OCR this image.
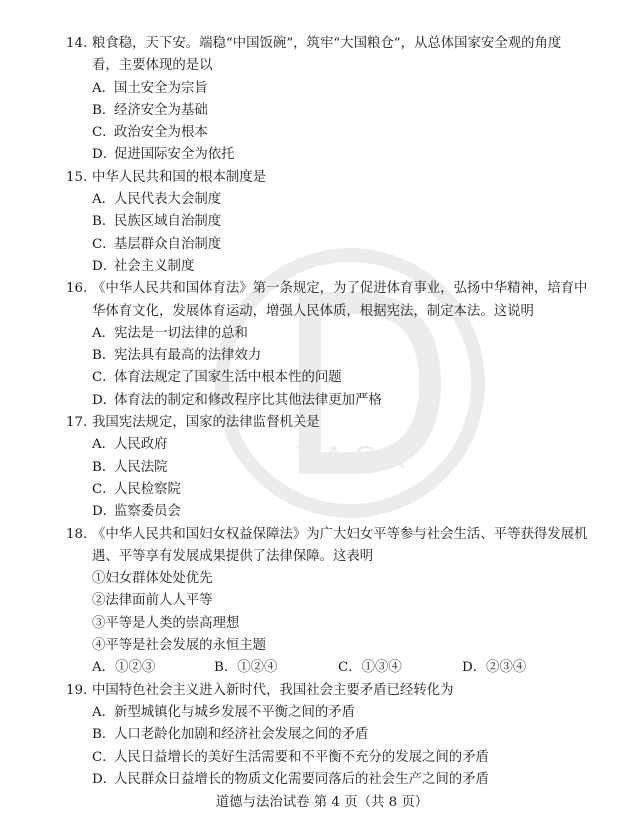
T A C A
14. 粮食稳，天下安。端稳“中国饭碗”，筑牢“大国粮仓”，从总体国家安全观的角度
看，主要体现的是以
A．国土安全为宗旨
B．经济安全为基础
C．政治安全为根本
D．促进国际安全为依托
15. 中华人民共和国的根本制度是
A．人民代表大会制度
B．民族区域自治制度
C．基层群众自治制度
D．社会主义制度
16. 《中华人民共和国体育法》第一条规定，为了促进体育事业，弘扬中华精神，培育中
华体育文化，发展体育运动，增强人民体质，根据宪法，制定本法。这说明
A．宪法是一切法律的总和
B．宪法具有最高的法律效力
C．体育法规定了国家生活中根本性的问题
D．体育法的制定和修改程序比其他法律更加严格
17. 我国宪法规定，国家的法律监督机关是
A．人民政府
B．人民法院
C．人民检察院
D．监察委员会
18. 《中华人民共和国妇女权益保障法》为广大妇女平等参与社会生活、平等获得发展机
遇、平等享有发展成果提供了法律保障。这表明
①妇女群体处处优先
②法律面前人人平等
③平等是人类的崇高理想
④平等是社会发展的永恒主题
A．①②③	B．①②④	C．①③④	D．②③④
19. 中国特色社会主义进入新时代，我国社会主要矛盾已经转化为
A．新型城镇化与城乡发展不平衡之间的矛盾
B．人口老龄化加剧和经济社会发展之间的矛盾
C．人民日益增长的美好生活需要和不平衡不充分的发展之间的矛盾
D．人民群众日益增长的物质文化需要同落后的社会生产之间的矛盾
道德与法治试卷 第 4 页（共 8 页）
